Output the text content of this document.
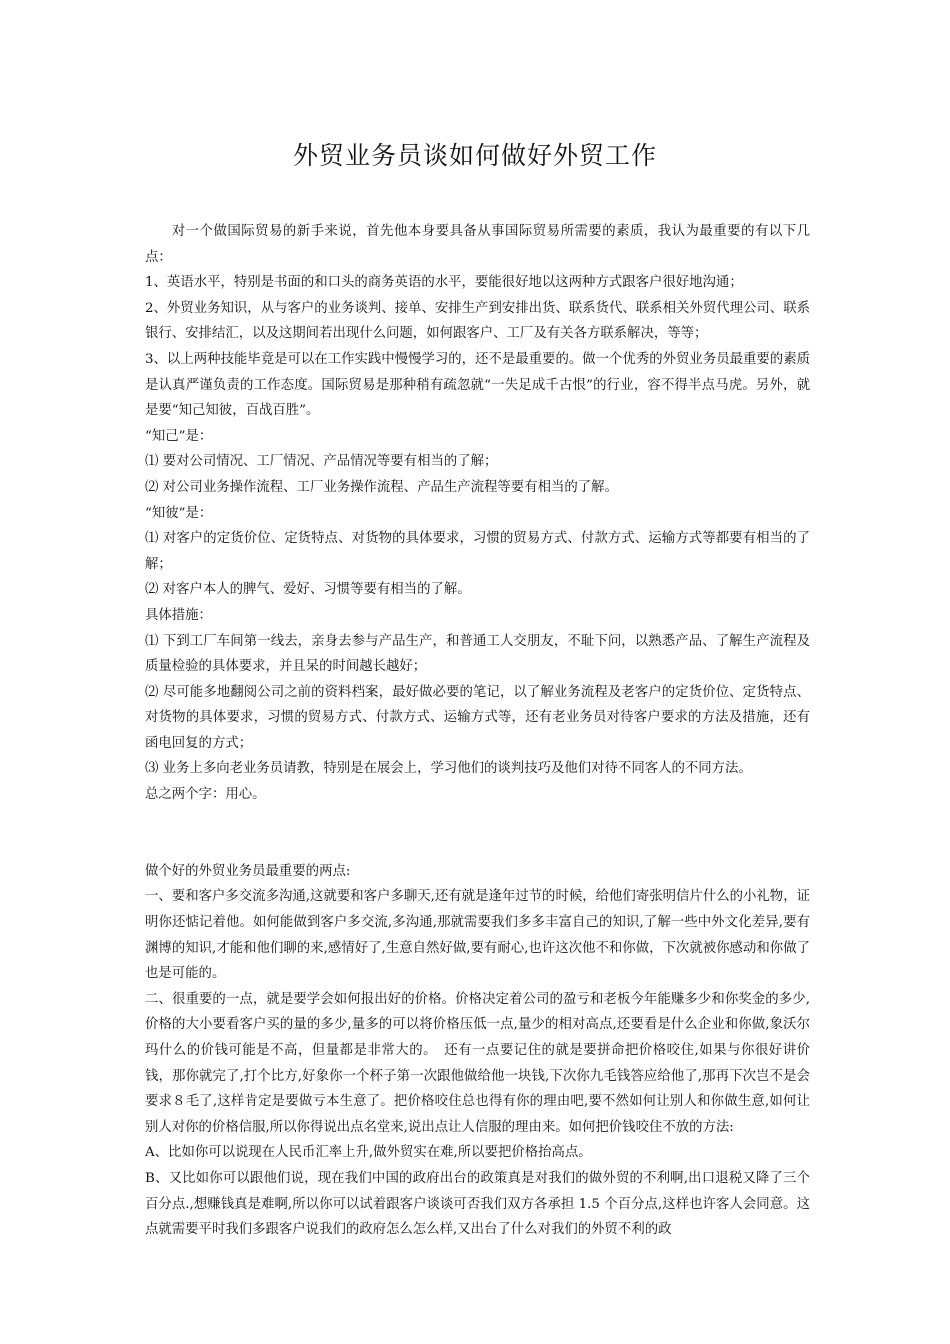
外贸业务员谈如何做好外贸工作

对一个做国际贸易的新手来说，首先他本身要具备从事国际贸易所需要的素质，我认为最重要的有以下几点：

1、英语水平，特别是书面的和口头的商务英语的水平，要能很好地以这两种方式跟客户很好地沟通；

2、外贸业务知识，从与客户的业务谈判、接单、安排生产到安排出货、联系货代、联系相关外贸代理公司、联系银行、安排结汇，以及这期间若出现什么问题，如何跟客户、工厂及有关各方联系解决，等等；

3、以上两种技能毕竟是可以在工作实践中慢慢学习的，还不是最重要的。做一个优秀的外贸业务员最重要的素质是认真严谨负责的工作态度。国际贸易是那种稍有疏忽就“一失足成千古恨”的行业，容不得半点马虎。另外，就是要“知己知彼，百战百胜”。

“知己”是：

⑴ 要对公司情况、工厂情况、产品情况等要有相当的了解；

⑵ 对公司业务操作流程、工厂业务操作流程、产品生产流程等要有相当的了解。

“知彼”是：

⑴ 对客户的定货价位、定货特点、对货物的具体要求，习惯的贸易方式、付款方式、运输方式等都要有相当的了解；

⑵ 对客户本人的脾气、爱好、习惯等要有相当的了解。

具体措施：

⑴ 下到工厂车间第一线去，亲身去参与产品生产，和普通工人交朋友，不耻下问，以熟悉产品、了解生产流程及质量检验的具体要求，并且呆的时间越长越好；

⑵ 尽可能多地翻阅公司之前的资料档案，最好做必要的笔记，以了解业务流程及老客户的定货价位、定货特点、对货物的具体要求，习惯的贸易方式、付款方式、运输方式等，还有老业务员对待客户要求的方法及措施，还有函电回复的方式；

⑶ 业务上多向老业务员请教，特别是在展会上，学习他们的谈判技巧及他们对待不同客人的不同方法。

总之两个字：用心。

做个好的外贸业务员最重要的两点:

一、要和客户多交流多沟通,这就要和客户多聊天,还有就是逢年过节的时候，给他们寄张明信片什么的小礼物，证明你还惦记着他。如何能做到客户多交流,多沟通,那就需要我们多多丰富自己的知识,了解一些中外文化差异,要有渊博的知识,才能和他们聊的来,感情好了,生意自然好做,要有耐心,也许这次他不和你做，下次就被你感动和你做了也是可能的。

二、很重要的一点，就是要学会如何报出好的价格。价格决定着公司的盈亏和老板今年能赚多少和你奖金的多少,价格的大小要看客户买的量的多少,量多的可以将价格压低一点,量少的相对高点,还要看是什么企业和你做,象沃尔玛什么的价钱可能是不高，但量都是非常大的。　还有一点要记住的就是要拼命把价格咬住,如果与你很好讲价钱，那你就完了,打个比方,好象你一个杯子第一次跟他做给他一块钱,下次你九毛钱答应给他了,那再下次岂不是会要求８毛了,这样肯定是要做亏本生意了。把价格咬住总也得有你的理由吧,要不然如何让别人和你做生意,如何让别人对你的价格信服,所以你得说出点名堂来,说出点让人信服的理由来。如何把价钱咬住不放的方法:

A、比如你可以说现在人民币汇率上升,做外贸实在难,所以要把价格抬高点。

B、又比如你可以跟他们说，现在我们中国的政府出台的政策真是对我们的做外贸的不利啊,出口退税又降了三个百分点.,想赚钱真是难啊,所以你可以试着跟客户谈谈可否我们双方各承担 1.5 个百分点,这样也许客人会同意。这点就需要平时我们多跟客户说我们的政府怎么怎么样,又出台了什么对我们的外贸不利的政
